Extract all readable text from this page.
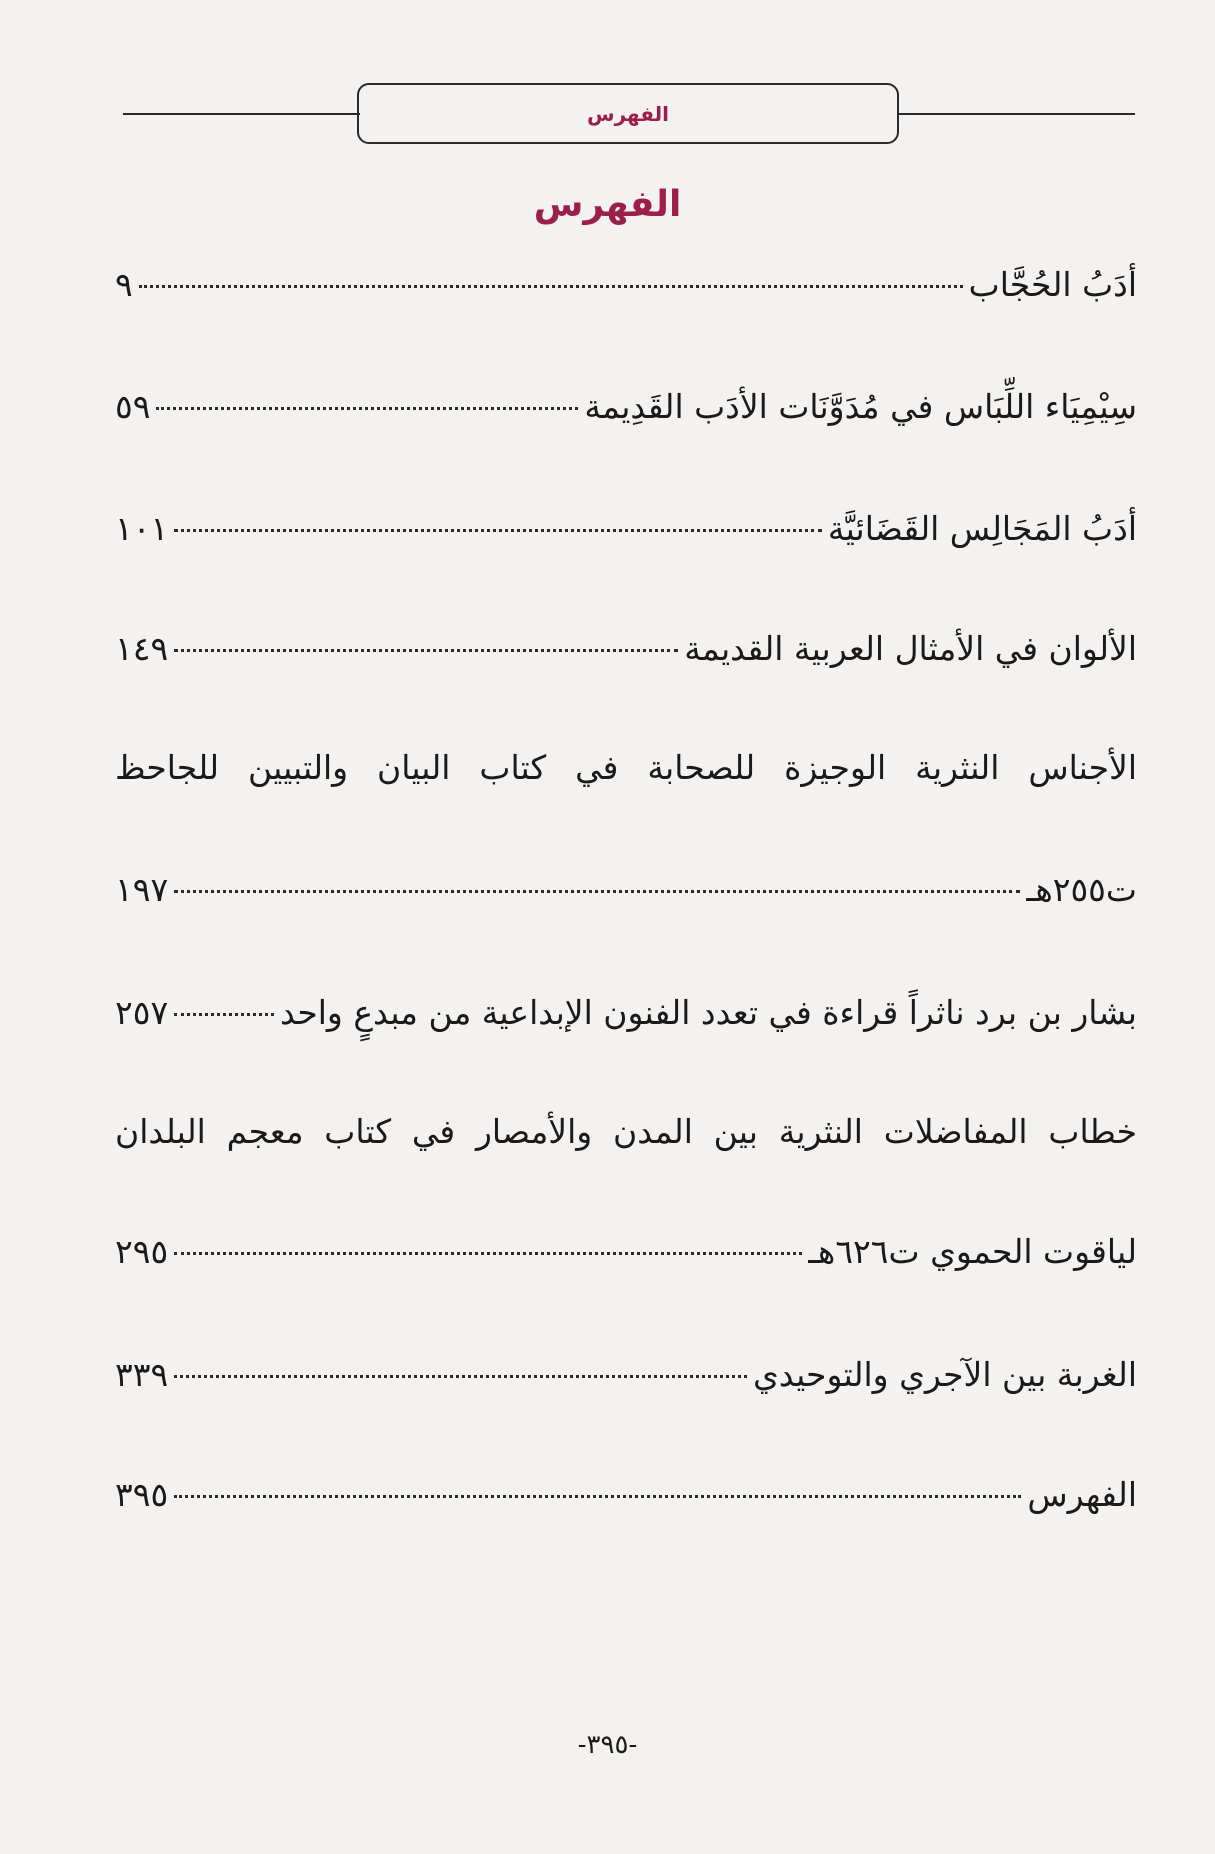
الفهرس
الفهرس
أدَبُ الحُجَّاب
٩
سِيْمِيَاء اللِّبَاس في مُدَوَّنَات الأدَب القَدِيمة
٥٩
أدَبُ المَجَالِس القَضَائيَّة
١٠١
الألوان في الأمثال العربية القديمة
١٤٩
الأجناس النثرية الوجيزة للصحابة في كتاب البيان والتبيين للجاحظ
ت٢٥٥هـ
١٩٧
بشار بن برد ناثراً قراءة في تعدد الفنون الإبداعية من مبدعٍ واحد
٢٥٧
خطاب المفاضلات النثرية بين المدن والأمصار في كتاب معجم البلدان
لياقوت الحموي ت٦٢٦هـ
٢٩٥
الغربة بين الآجري والتوحيدي
٣٣٩
الفهرس
٣٩٥
-٣٩٥-
